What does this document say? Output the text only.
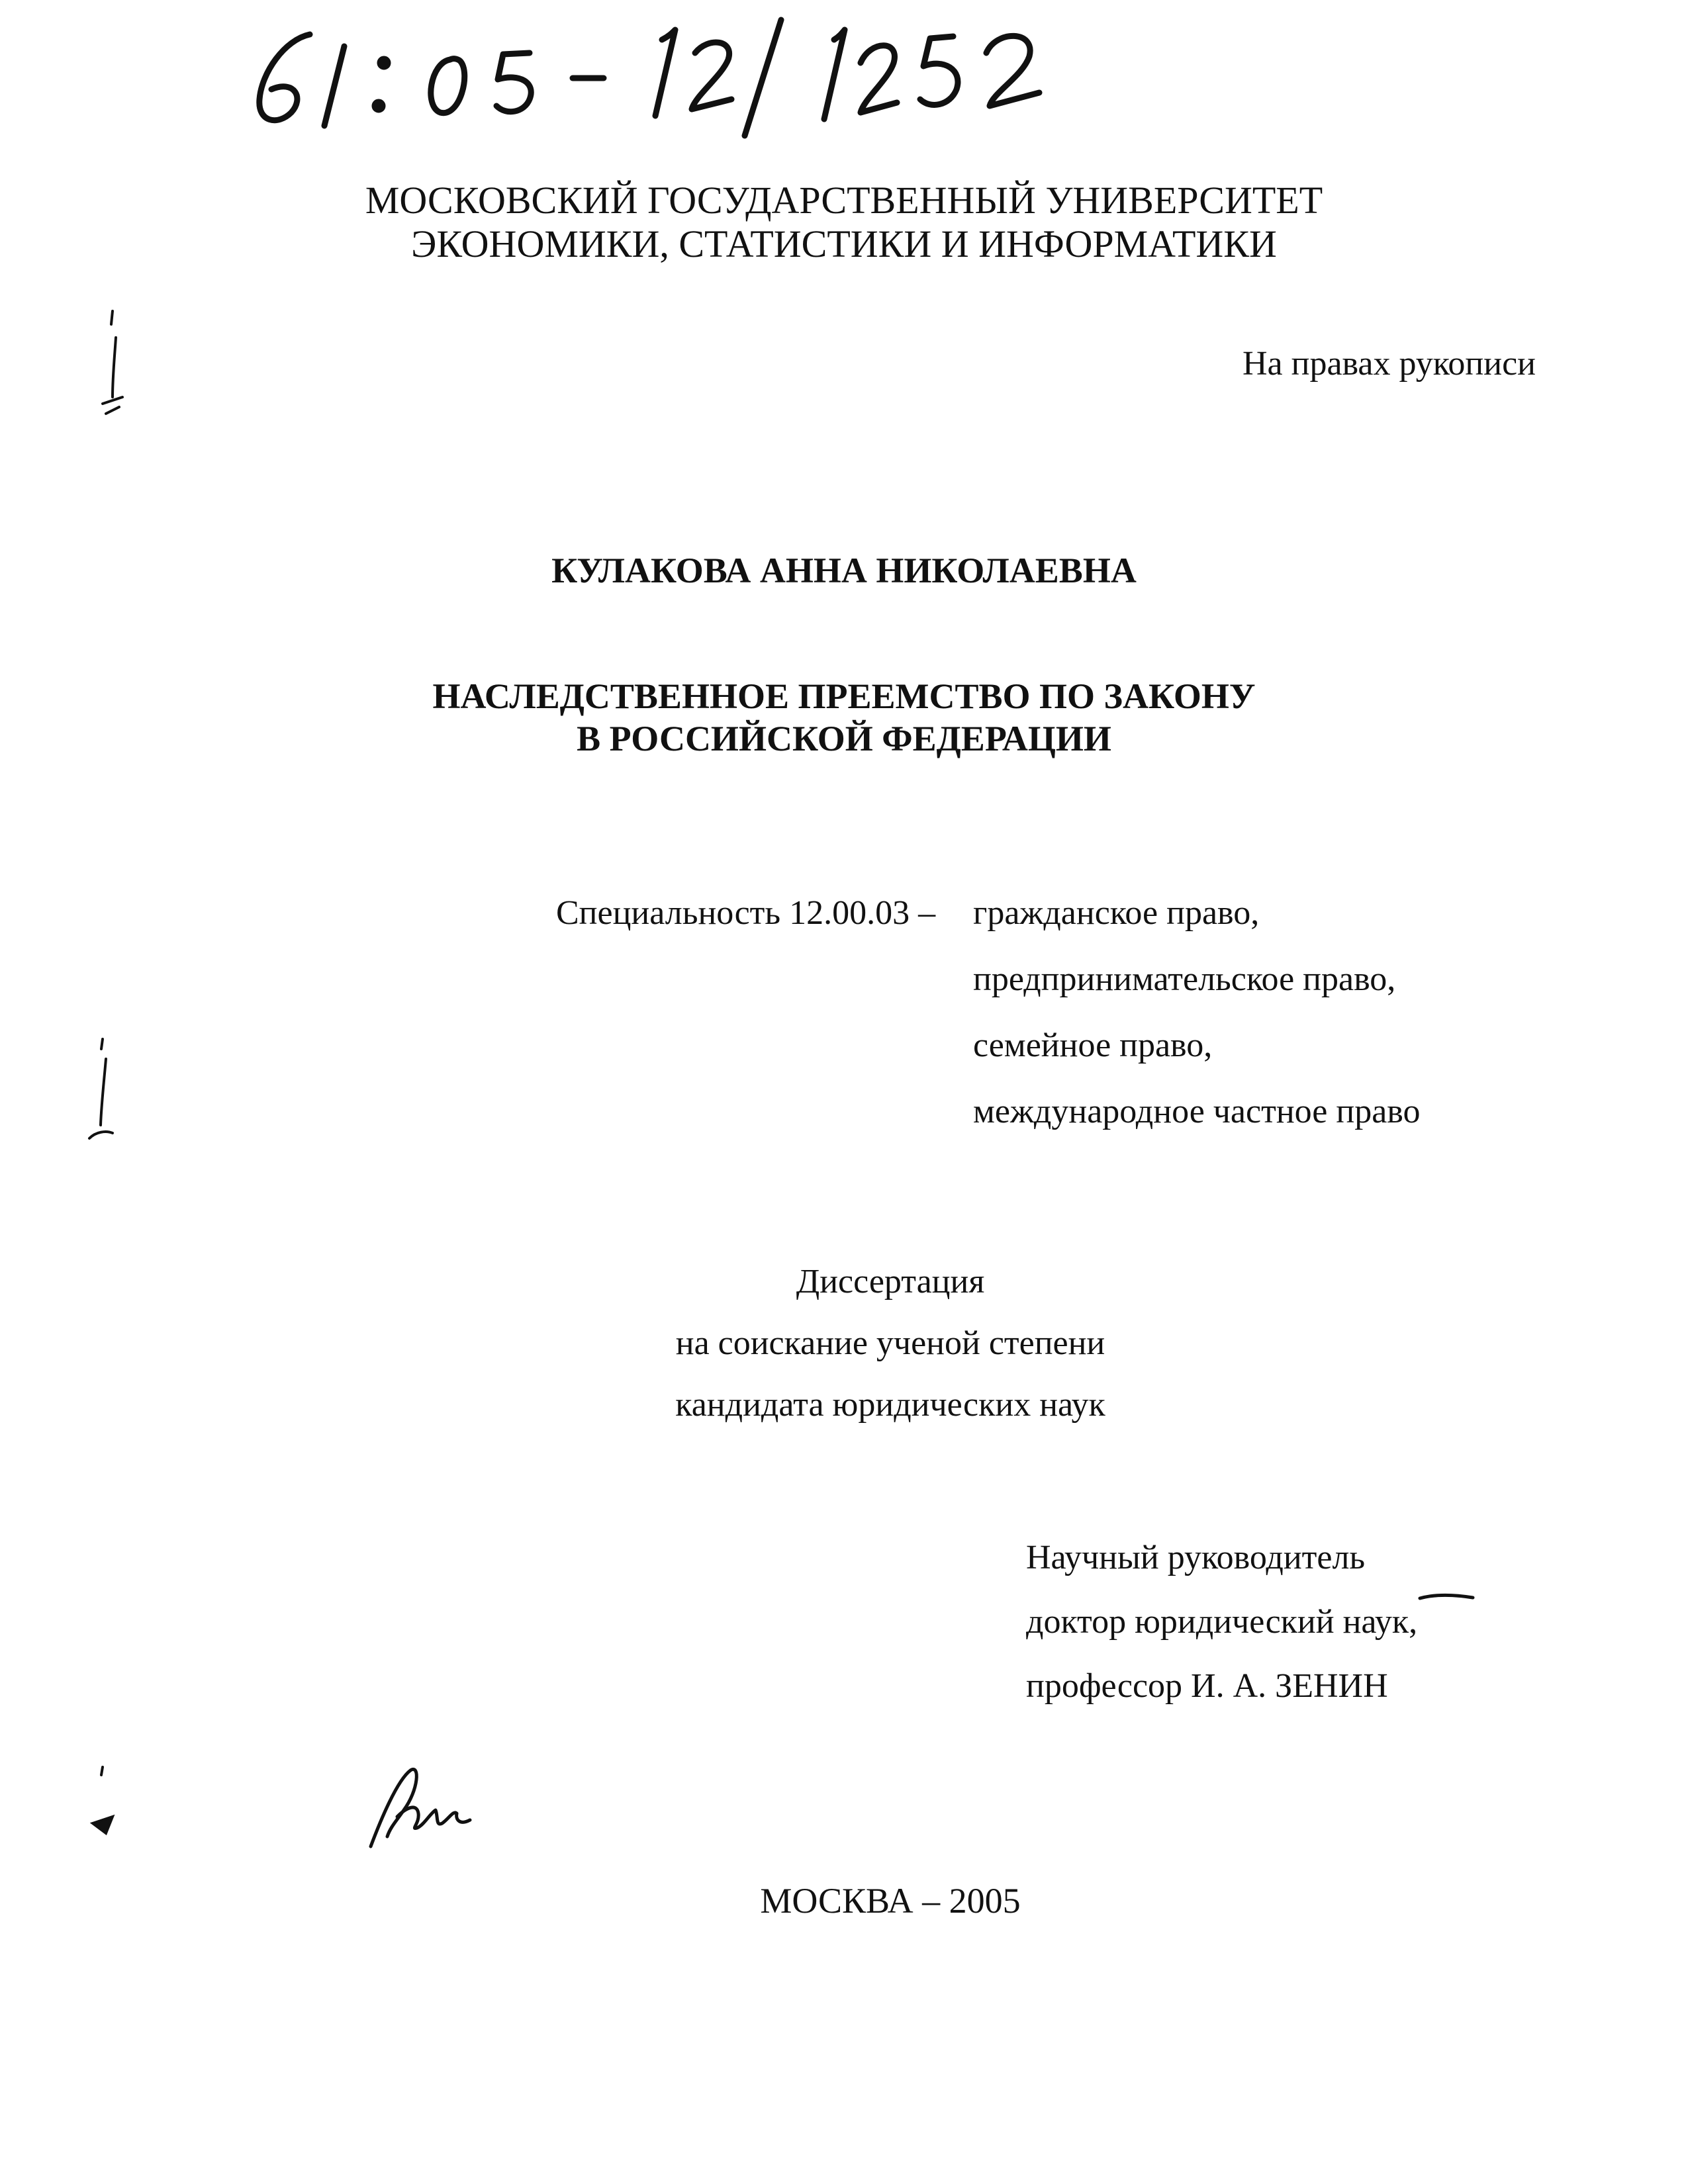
МОСКОВСКИЙ ГОСУДАРСТВЕННЫЙ УНИВЕРСИТЕТ
ЭКОНОМИКИ, СТАТИСТИКИ И ИНФОРМАТИКИ
На правах рукописи
КУЛАКОВА АННА НИКОЛАЕВНА
НАСЛЕДСТВЕННОЕ ПРЕЕМСТВО ПО ЗАКОНУ
В РОССИЙСКОЙ ФЕДЕРАЦИИ
Специальность 12.00.03 – гражданское право,
предпринимательское право,
семейное право,
международное частное право
Диссертация
на соискание ученой степени
кандидата юридических наук
Научный руководитель
доктор юридический наук,
профессор И. А. ЗЕНИН
МОСКВА – 2005
